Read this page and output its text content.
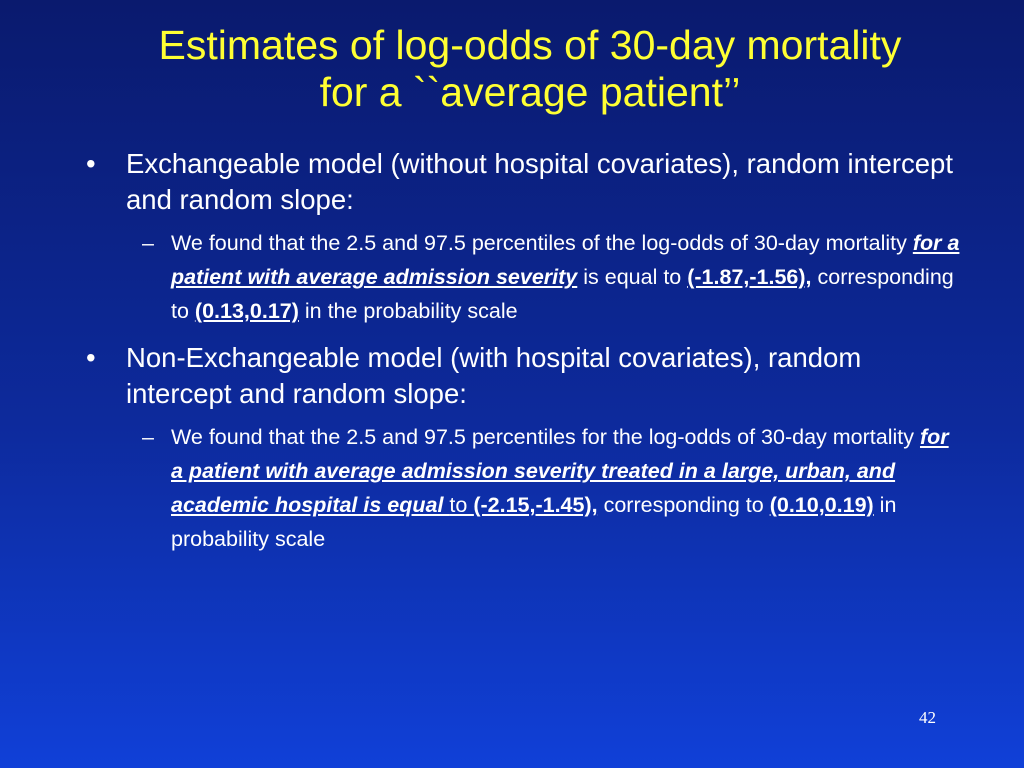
Estimates of log-odds of 30-day mortality
for a ``average patient’’
• Exchangeable model (without hospital covariates), random intercept and random slope:
– We found that the 2.5 and 97.5 percentiles of the log-odds of 30-day mortality for a patient with average admission severity is equal to (-1.87,-1.56), corresponding to (0.13,0.17) in the probability scale
• Non-Exchangeable model (with hospital covariates), random intercept and random slope:
– We found that the 2.5 and 97.5 percentiles for the log-odds of 30-day mortality for a patient with average admission severity treated in a large, urban, and academic hospital is equal to (-2.15,-1.45), corresponding to (0.10,0.19) in probability scale
42
